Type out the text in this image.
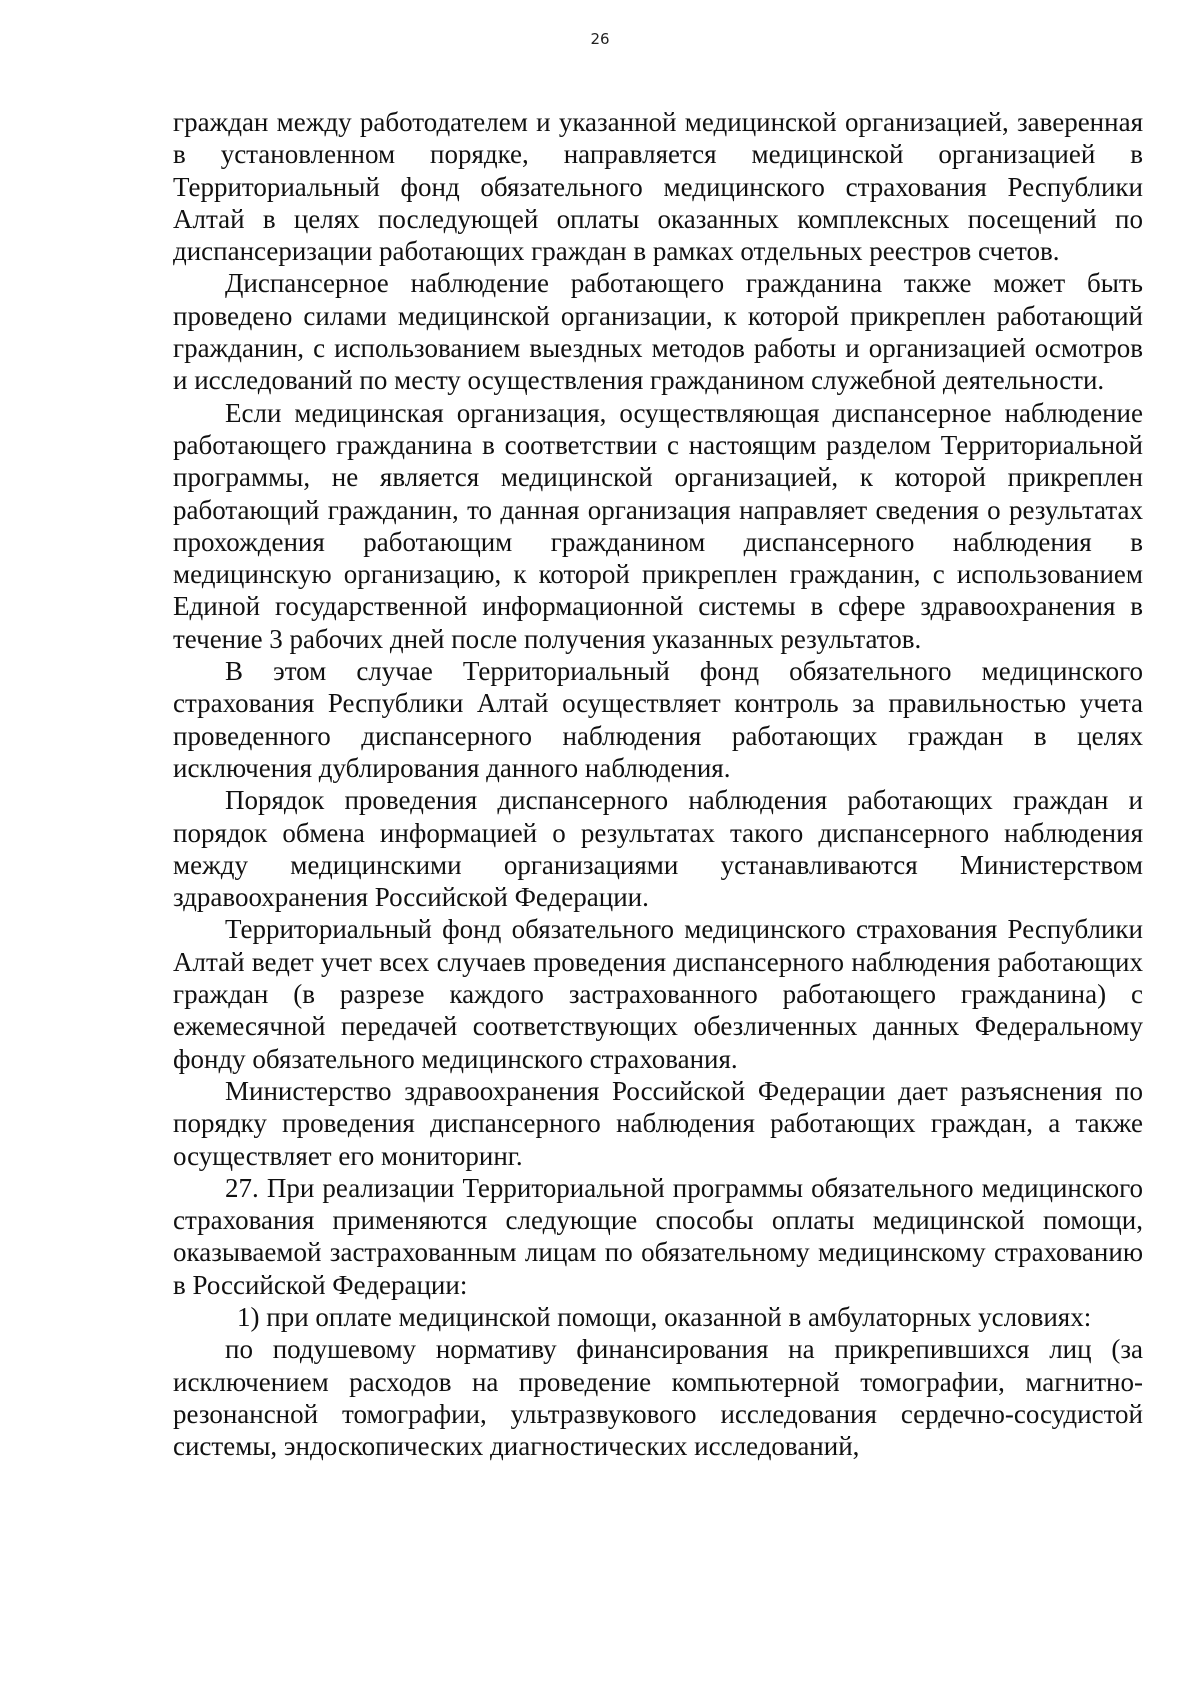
26

граждан между работодателем и указанной медицинской организацией, заверенная в установленном порядке, направляется медицинской организацией в Территориальный фонд обязательного медицинского страхования Республики Алтай в целях последующей оплаты оказанных комплексных посещений по диспансеризации работающих граждан в рамках отдельных реестров счетов.

Диспансерное наблюдение работающего гражданина также может быть проведено силами медицинской организации, к которой прикреплен работающий гражданин, с использованием выездных методов работы и организацией осмотров и исследований по месту осуществления гражданином служебной деятельности.

Если медицинская организация, осуществляющая диспансерное наблюдение работающего гражданина в соответствии с настоящим разделом Территориальной программы, не является медицинской организацией, к которой прикреплен работающий гражданин, то данная организация направляет сведения о результатах прохождения работающим гражданином диспансерного наблюдения в медицинскую организацию, к которой прикреплен гражданин, с использованием Единой государственной информационной системы в сфере здравоохранения в течение 3 рабочих дней после получения указанных результатов.

В этом случае Территориальный фонд обязательного медицинского страхования Республики Алтай осуществляет контроль за правильностью учета проведенного диспансерного наблюдения работающих граждан в целях исключения дублирования данного наблюдения.

Порядок проведения диспансерного наблюдения работающих граждан и порядок обмена информацией о результатах такого диспансерного наблюдения между медицинскими организациями устанавливаются Министерством здравоохранения Российской Федерации.

Территориальный фонд обязательного медицинского страхования Республики Алтай ведет учет всех случаев проведения диспансерного наблюдения работающих граждан (в разрезе каждого застрахованного работающего гражданина) с ежемесячной передачей соответствующих обезличенных данных Федеральному фонду обязательного медицинского страхования.

Министерство здравоохранения Российской Федерации дает разъяснения по порядку проведения диспансерного наблюдения работающих граждан, а также осуществляет его мониторинг.

27. При реализации Территориальной программы обязательного медицинского страхования применяются следующие способы оплаты медицинской помощи, оказываемой застрахованным лицам по обязательному медицинскому страхованию в Российской Федерации:

1) при оплате медицинской помощи, оказанной в амбулаторных условиях:

по подушевому нормативу финансирования на прикрепившихся лиц (за исключением расходов на проведение компьютерной томографии, магнитно-резонансной томографии, ультразвукового исследования сердечно-сосудистой системы, эндоскопических диагностических исследований,
